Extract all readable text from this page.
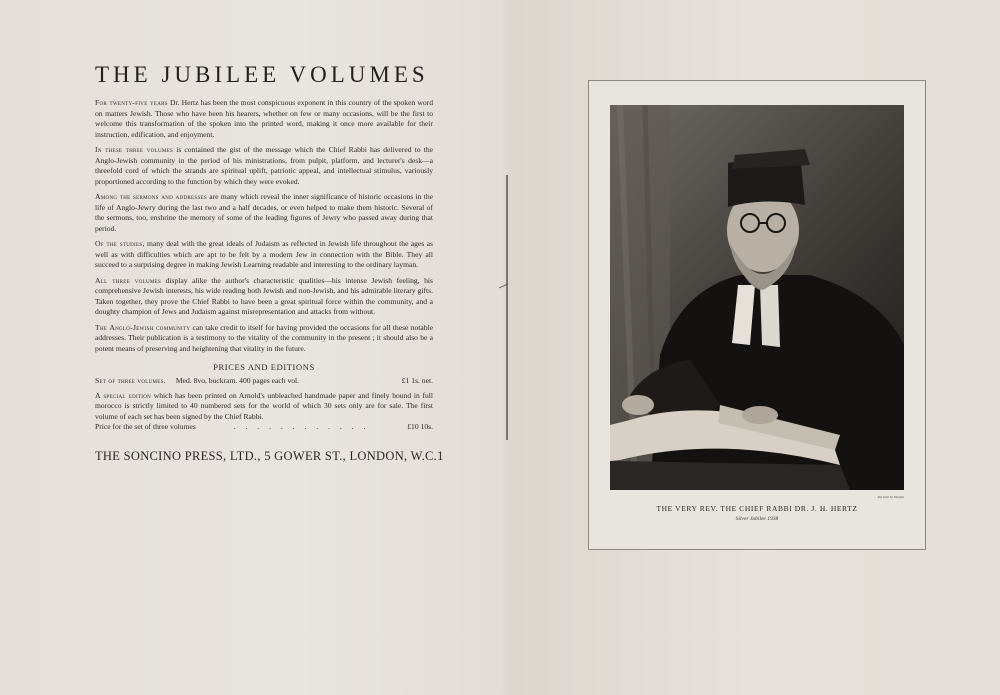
THE JUBILEE VOLUMES

For twenty-five years Dr. Hertz has been the most conspicuous exponent in this country of the spoken word on matters Jewish. Those who have been his hearers, whether on few or many occasions, will be the first to welcome this transformation of the spoken into the printed word, making it once more available for their instruction, edification, and enjoyment.

In these three volumes is contained the gist of the message which the Chief Rabbi has delivered to the Anglo-Jewish community in the period of his ministrations, from pulpit, platform, and lecturer's desk—a threefold cord of which the strands are spiritual uplift, patriotic appeal, and intellectual stimulus, variously proportioned according to the function by which they were evoked.

Among the sermons and addresses are many which reveal the inner significance of historic occasions in the life of Anglo-Jewry during the last two and a half decades, or even helped to make them historic. Several of the sermons, too, enshrine the memory of some of the leading figures of Jewry who passed away during that period.

Of the studies, many deal with the great ideals of Judaism as reflected in Jewish life throughout the ages as well as with difficulties which are apt to be felt by a modern Jew in connection with the Bible. They all succeed to a surprising degree in making Jewish Learning readable and interesting to the ordinary layman.

All three volumes display alike the author's characteristic qualities—his intense Jewish feeling, his comprehensive Jewish interests, his wide reading both Jewish and non-Jewish, and his admirable literary gifts. Taken together, they prove the Chief Rabbi to have been a great spiritual force within the community, and a doughty champion of Jews and Judaism against misrepresentation and attacks from without.

The Anglo-Jewish community can take credit to itself for having provided the occasions for all these notable addresses. Their publication is a testimony to the vitality of the community in the present ; it should also be a potent means of preserving and heightening that vitality in the future.

PRICES AND EDITIONS
Set of three volumes. Med. 8vo, buckram. 400 pages each vol.	£1 1s. net.

A special edition which has been printed on Arnold's unbleached handmade paper and finely bound in full morocco is strictly limited to 40 numbered sets for the world of which 30 sets only are for sale. The first volume of each set has been signed by the Chief Rabbi.

Price for the set of three volumes	. . . . . . . . . . . .	£10 10s.
THE SONCINO PRESS, LTD., 5 GOWER ST., LONDON, W.C.1
Portrait by Vandyk
THE VERY REV. THE CHIEF RABBI DR. J. H. HERTZ
Silver Jubilee 1938
